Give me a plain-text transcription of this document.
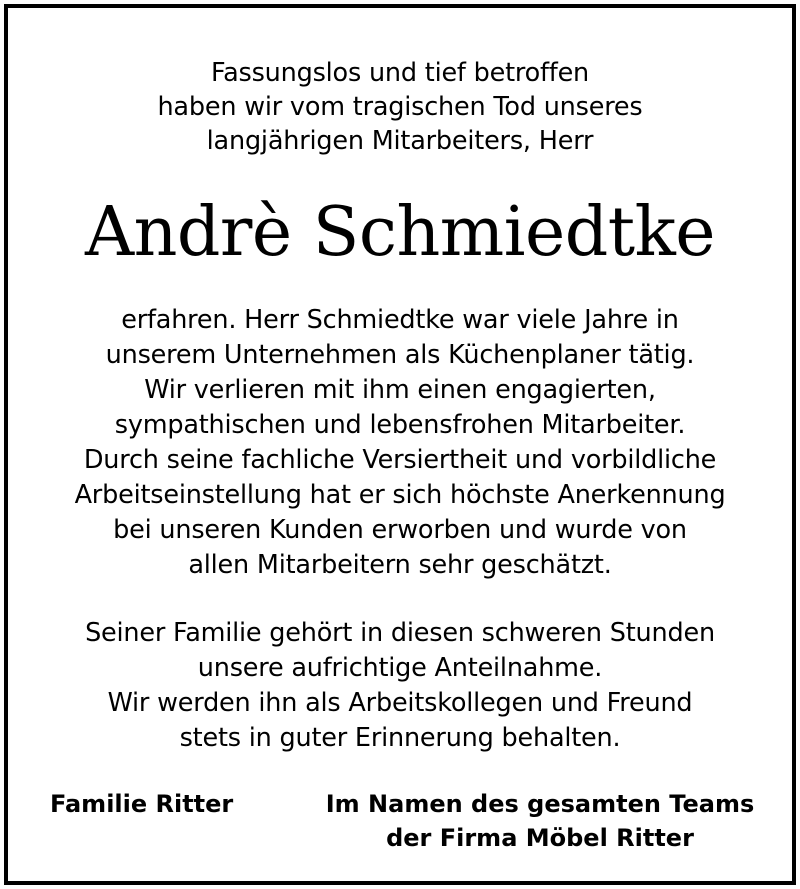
Fassungslos und tief betroffen
haben wir vom tragischen Tod unseres
langjährigen Mitarbeiters, Herr
Andrè Schmiedtke
erfahren. Herr Schmiedtke war viele Jahre in
unserem Unternehmen als Küchenplaner tätig.
Wir verlieren mit ihm einen engagierten,
sympathischen und lebensfrohen Mitarbeiter.
Durch seine fachliche Versiertheit und vorbildliche
Arbeitseinstellung hat er sich höchste Anerkennung
bei unseren Kunden erworben und wurde von
allen Mitarbeitern sehr geschätzt.
Seiner Familie gehört in diesen schweren Stunden
unsere aufrichtige Anteilnahme.
Wir werden ihn als Arbeitskollegen und Freund
stets in guter Erinnerung behalten.
Familie Ritter	Im Namen des gesamten Teams
der Firma Möbel Ritter
